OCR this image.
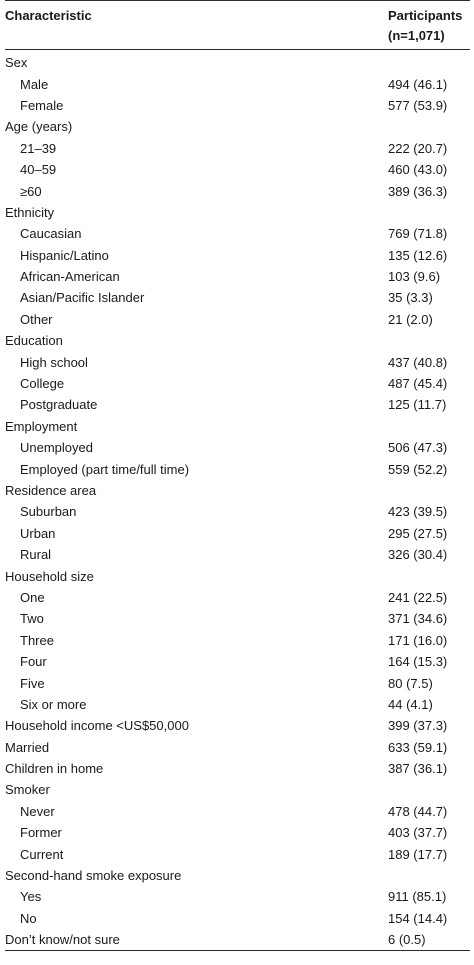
Characteristic	Participants
(n=1,071)
Sex
Male	494 (46.1)
Female	577 (53.9)
Age (years)
21–39	222 (20.7)
40–59	460 (43.0)
≥60	389 (36.3)
Ethnicity
Caucasian	769 (71.8)
Hispanic/Latino	135 (12.6)
African-American	103 (9.6)
Asian/Pacific Islander	35 (3.3)
Other	21 (2.0)
Education
High school	437 (40.8)
College	487 (45.4)
Postgraduate	125 (11.7)
Employment
Unemployed	506 (47.3)
Employed (part time/full time)	559 (52.2)
Residence area
Suburban	423 (39.5)
Urban	295 (27.5)
Rural	326 (30.4)
Household size
One	241 (22.5)
Two	371 (34.6)
Three	171 (16.0)
Four	164 (15.3)
Five	80 (7.5)
Six or more	44 (4.1)
Household income <US$50,000	399 (37.3)
Married	633 (59.1)
Children in home	387 (36.1)
Smoker
Never	478 (44.7)
Former	403 (37.7)
Current	189 (17.7)
Second-hand smoke exposure
Yes	911 (85.1)
No	154 (14.4)
Don’t know/not sure	6 (0.5)
